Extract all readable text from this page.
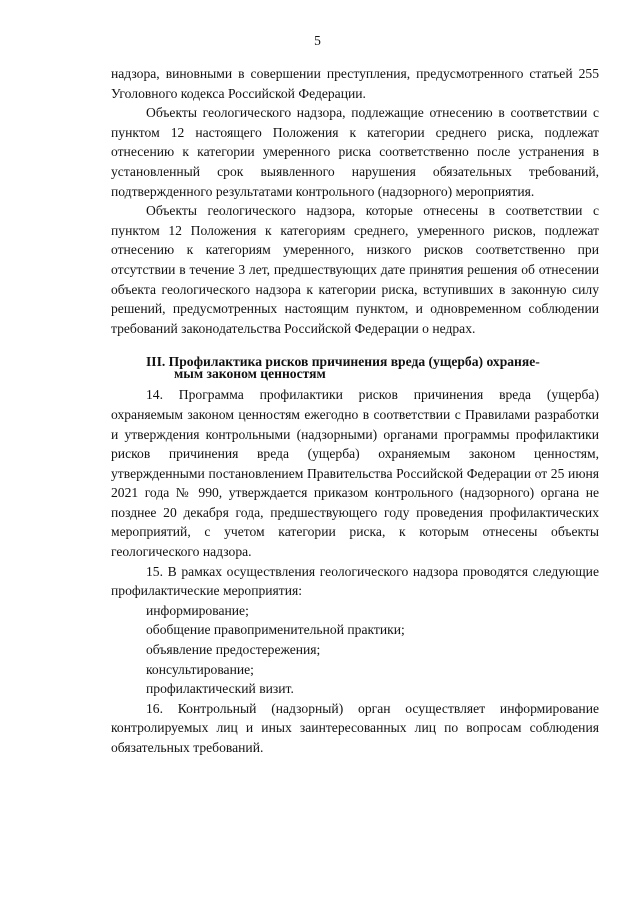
5

надзора, виновными в совершении преступления, предусмотренного статьей 255 Уголовного кодекса Российской Федерации.

Объекты геологического надзора, подлежащие отнесению в соответствии с пунктом 12 настоящего Положения к категории среднего риска, подлежат отнесению к категории умеренного риска соответственно после устранения в установленный срок выявленного нарушения обязательных требований, подтвержденного результатами контрольного (надзорного) мероприятия.

Объекты геологического надзора, которые отнесены в соответствии с пунктом 12 Положения к категориям среднего, умеренного рисков, подлежат отнесению к категориям умеренного, низкого рисков соответственно при отсутствии в течение 3 лет, предшествующих дате принятия решения об отнесении объекта геологического надзора к категории риска, вступивших в законную силу решений, предусмотренных настоящим пунктом, и одновременном соблюдении требований законодательства Российской Федерации о недрах.

III. Профилактика рисков причинения вреда (ущерба) охраняе-
мым законом ценностям

14. Программа профилактики рисков причинения вреда (ущерба) охраняемым законом ценностям ежегодно в соответствии с Правилами разработки и утверждения контрольными (надзорными) органами программы профилактики рисков причинения вреда (ущерба) охраняемым законом ценностям, утвержденными постановлением Правительства Российской Федерации от 25 июня 2021 года № 990, утверждается приказом контрольного (надзорного) органа не позднее 20 декабря года, предшествующего году проведения профилактических мероприятий, с учетом категории риска, к которым отнесены объекты геологического надзора.

15. В рамках осуществления геологического надзора проводятся следующие профилактические мероприятия:

информирование;

обобщение правоприменительной практики;

объявление предостережения;

консультирование;

профилактический визит.

16. Контрольный (надзорный) орган осуществляет информирование контролируемых лиц и иных заинтересованных лиц по вопросам соблюдения обязательных требований.
